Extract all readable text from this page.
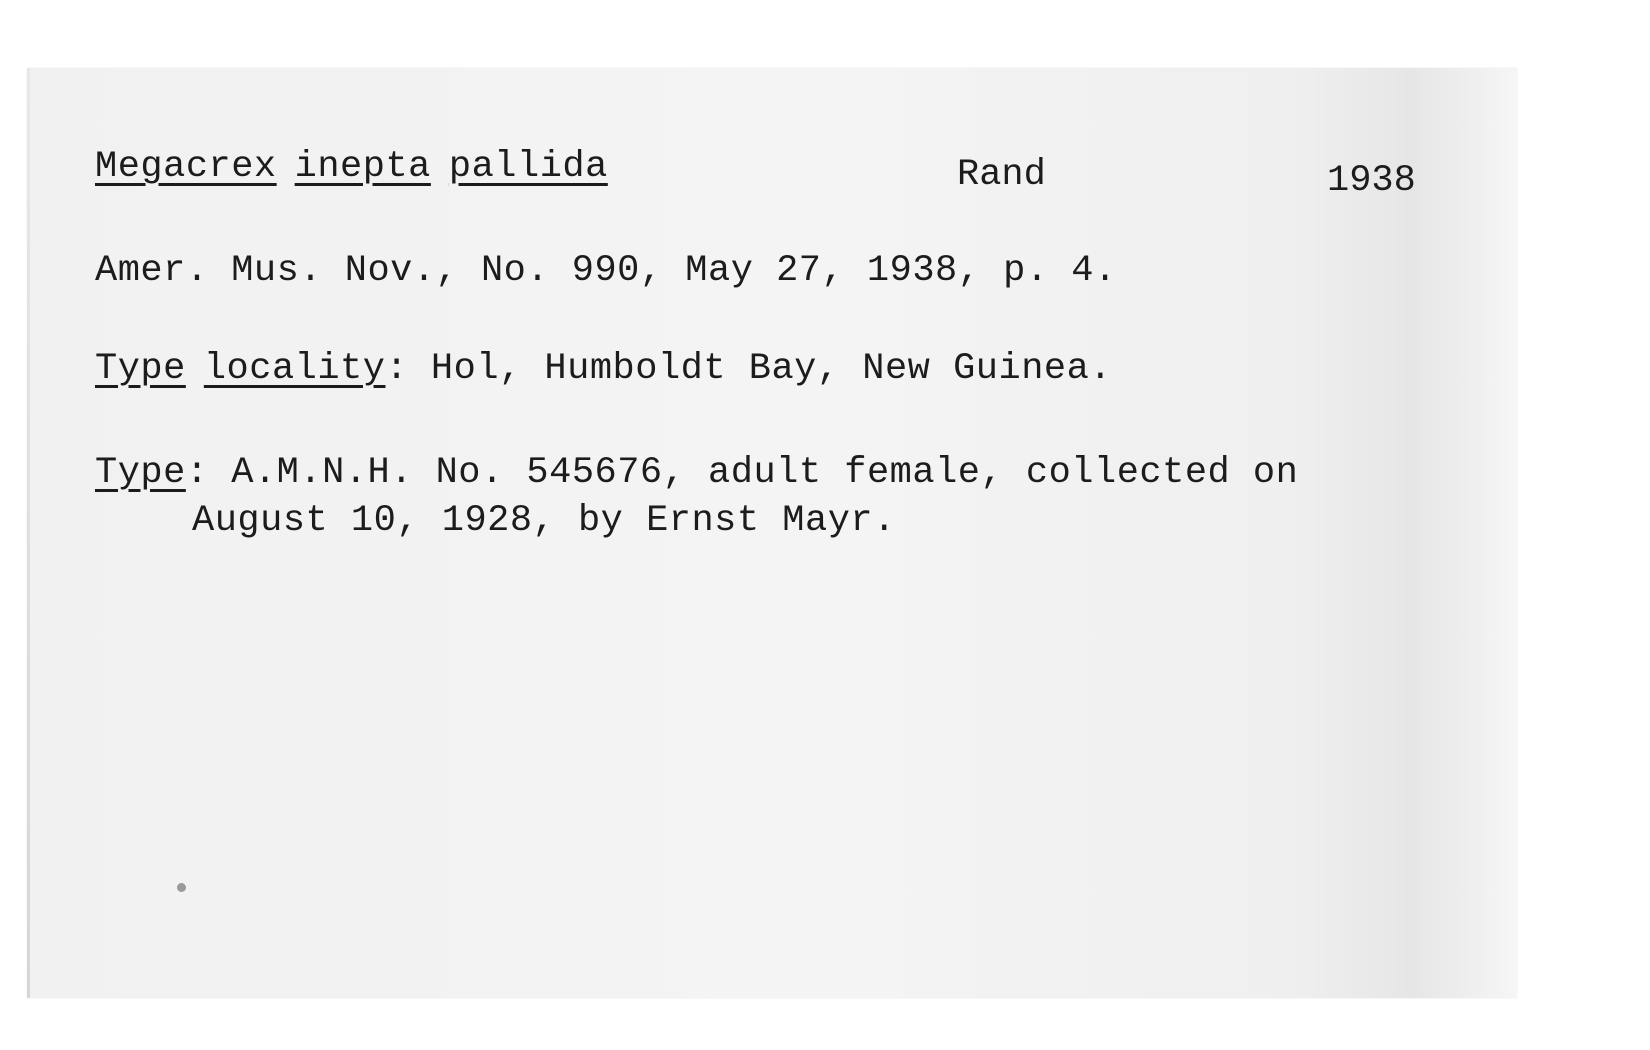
Megacrex inepta pallida	Rand	1938
Amer. Mus. Nov., No. 990, May 27, 1938, p. 4.
Type locality: Hol, Humboldt Bay, New Guinea.
Type: A.M.N.H. No. 545676, adult female, collected on
August 10, 1928, by Ernst Mayr.
